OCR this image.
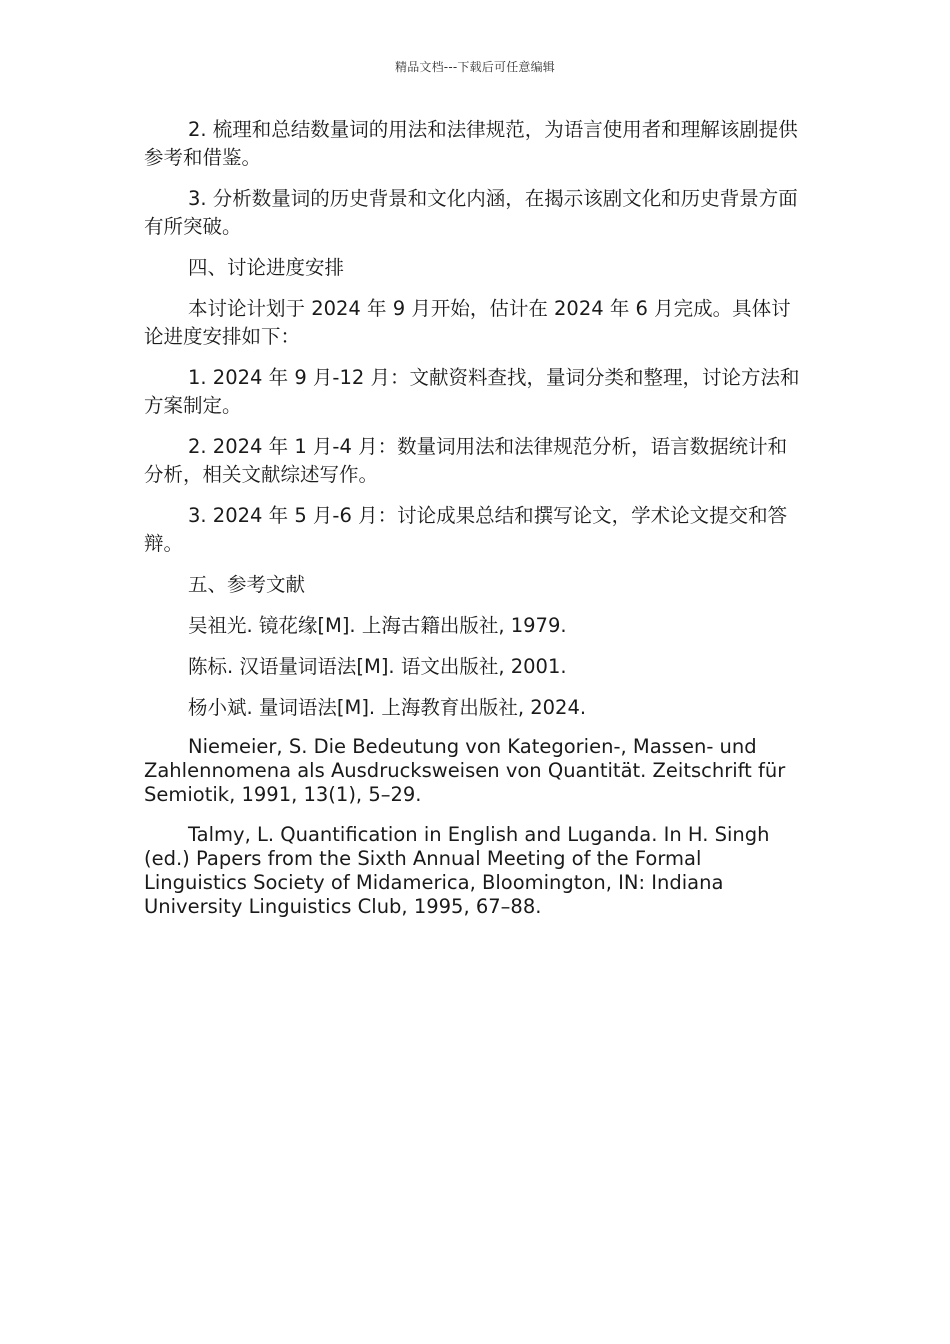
精品文档---下载后可任意编辑

2. 梳理和总结数量词的用法和法律规范，为语言使用者和理解该剧提供参考和借鉴。

3. 分析数量词的历史背景和文化内涵，在揭示该剧文化和历史背景方面有所突破。

四、讨论进度安排

本讨论计划于 2024 年 9 月开始，估计在 2024 年 6 月完成。具体讨论进度安排如下：

1. 2024 年 9 月-12 月：文献资料查找，量词分类和整理，讨论方法和方案制定。

2. 2024 年 1 月-4 月：数量词用法和法律规范分析，语言数据统计和分析，相关文献综述写作。

3. 2024 年 5 月-6 月：讨论成果总结和撰写论文，学术论文提交和答辩。

五、参考文献

吴祖光. 镜花缘[M]. 上海古籍出版社, 1979.

陈标. 汉语量词语法[M]. 语文出版社, 2001.

杨小斌. 量词语法[M]. 上海教育出版社, 2024.

Niemeier, S. Die Bedeutung von Kategorien-, Massen- und Zahlennomena als Ausdrucksweisen von Quantität. Zeitschrift für Semiotik, 1991, 13(1), 5–29.

Talmy, L. Quantification in English and Luganda. In H. Singh (ed.) Papers from the Sixth Annual Meeting of the Formal Linguistics Society of Midamerica, Bloomington, IN: Indiana University Linguistics Club, 1995, 67–88.
